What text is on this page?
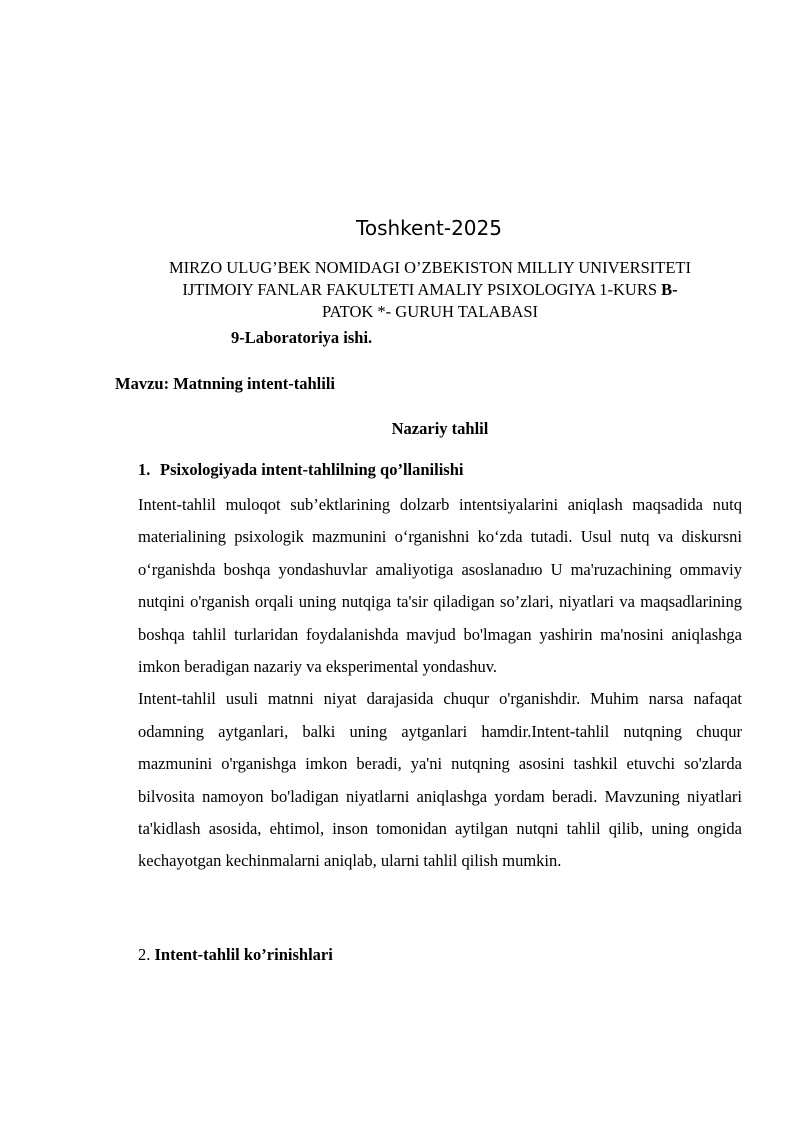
Toshkent-2025
MIRZO ULUG’BEK NOMIDAGI O’ZBEKISTON MILLIY UNIVERSITETI
IJTIMOIY FANLAR FAKULTETI AMALIY PSIXOLOGIYA 1-KURS B-
PATOK *- GURUH TALABASI
9-Laboratoriya ishi.
Mavzu: Matnning intent-tahlili
Nazariy tahlil
1. Psixologiyada intent-tahlilning qo’llanilishi

Intent-tahlil muloqot sub’ektlarining dolzarb intentsiyalarini aniqlash maqsadida nutq materialining psixologik mazmunini o‘rganishni ko‘zda tutadi. Usul nutq va diskursni o‘rganishda boshqa yondashuvlar amaliyotiga asoslanadıю U ma'ruzachining ommaviy nutqini o'rganish orqali uning nutqiga ta'sir qiladigan so’zlari, niyatlari va maqsadlarining boshqa tahlil turlaridan foydalanishda mavjud bo'lmagan yashirin ma'nosini aniqlashga imkon beradigan nazariy va eksperimental yondashuv.

Intent-tahlil usuli matnni niyat darajasida chuqur o'rganishdir. Muhim narsa nafaqat odamning aytganlari, balki uning aytganlari hamdir.Intent-tahlil nutqning chuqur mazmunini o'rganishga imkon beradi, ya'ni nutqning asosini tashkil etuvchi so'zlarda bilvosita namoyon bo'ladigan niyatlarni aniqlashga yordam beradi. Mavzuning niyatlari ta'kidlash asosida, ehtimol, inson tomonidan aytilgan nutqni tahlil qilib, uning ongida kechayotgan kechinmalarni aniqlab, ularni tahlil qilish mumkin.

2. Intent-tahlil ko’rinishlari
